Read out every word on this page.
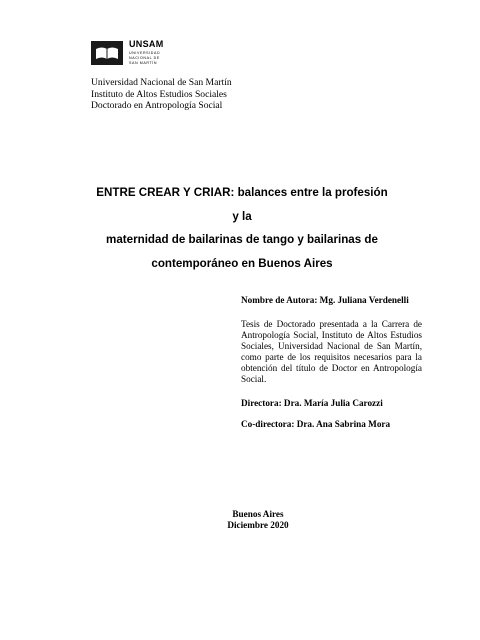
UNSAM
UNIVERSIDAD
NACIONAL DE
SAN MARTÍN
Universidad Nacional de San Martín
Instituto de Altos Estudios Sociales
Doctorado en Antropología Social
ENTRE CREAR Y CRIAR: balances entre la profesión y la
maternidad de bailarinas de tango y bailarinas de
contemporáneo en Buenos Aires
Nombre de Autora: Mg. Juliana Verdenelli
Tesis de Doctorado presentada a la Carrera de Antropología Social, Instituto de Altos Estudios Sociales, Universidad Nacional de San Martín, como parte de los requisitos necesarios para la obtención del título de Doctor en Antropología Social.
Directora: Dra. María Julia Carozzi
Co-directora: Dra. Ana Sabrina Mora
Buenos Aires
Diciembre 2020
